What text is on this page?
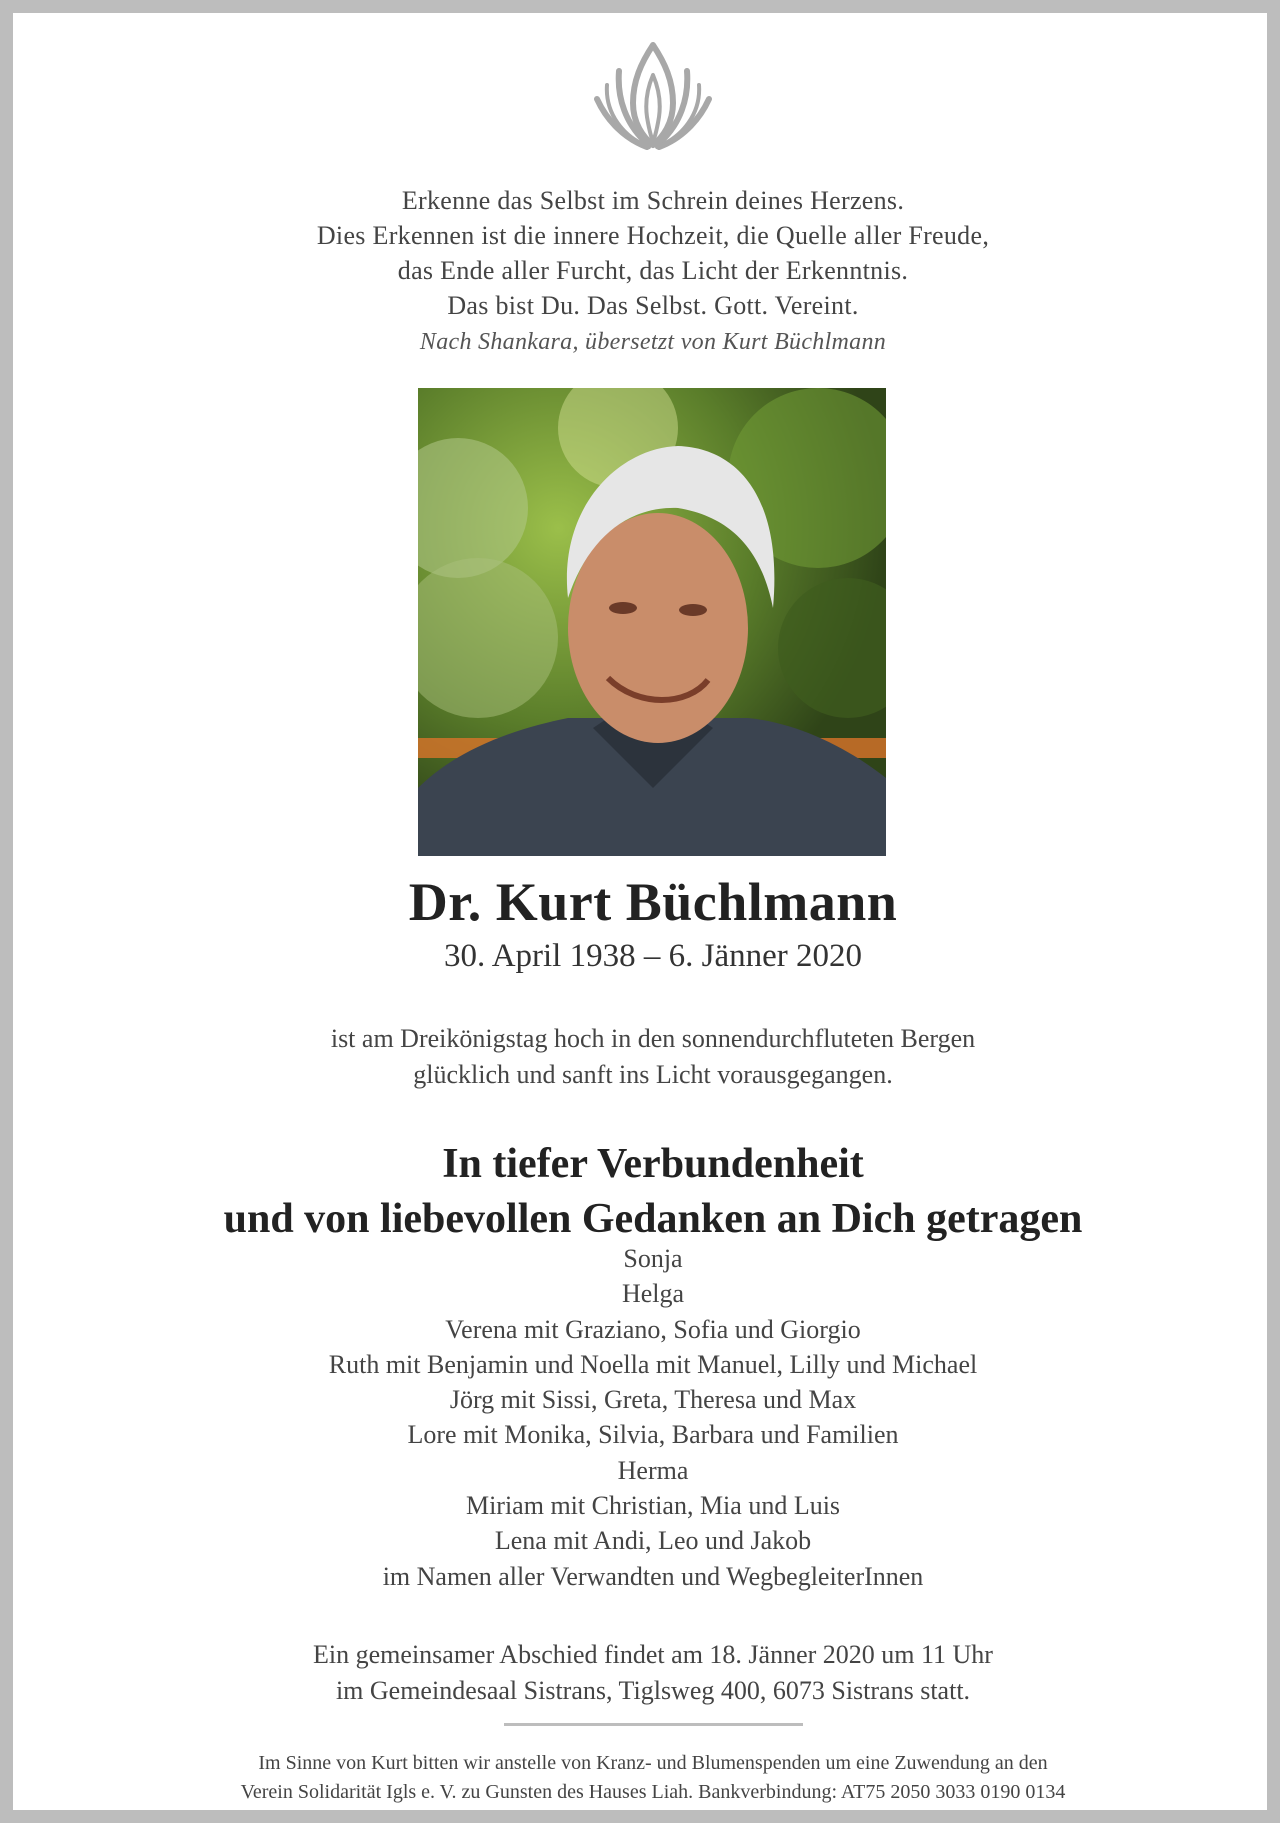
Erkenne das Selbst im Schrein deines Herzens.
Dies Erkennen ist die innere Hochzeit, die Quelle aller Freude,
das Ende aller Furcht, das Licht der Erkenntnis.
Das bist Du. Das Selbst. Gott. Vereint.
Nach Shankara, übersetzt von Kurt Büchlmann
Dr. Kurt Büchlmann
30. April 1938 – 6. Jänner 2020
ist am Dreikönigstag hoch in den sonnendurchfluteten Bergen
glücklich und sanft ins Licht vorausgegangen.
In tiefer Verbundenheit
und von liebevollen Gedanken an Dich getragen
Sonja
Helga
Verena mit Graziano, Sofia und Giorgio
Ruth mit Benjamin und Noella mit Manuel, Lilly und Michael
Jörg mit Sissi, Greta, Theresa und Max
Lore mit Monika, Silvia, Barbara und Familien
Herma
Miriam mit Christian, Mia und Luis
Lena mit Andi, Leo und Jakob
im Namen aller Verwandten und WegbegleiterInnen
Ein gemeinsamer Abschied findet am 18. Jänner 2020 um 11 Uhr
im Gemeindesaal Sistrans, Tiglsweg 400, 6073 Sistrans statt.
Im Sinne von Kurt bitten wir anstelle von Kranz- und Blumenspenden um eine Zuwendung an den
Verein Solidarität Igls e. V. zu Gunsten des Hauses Liah. Bankverbindung: AT75 2050 3033 0190 0134
